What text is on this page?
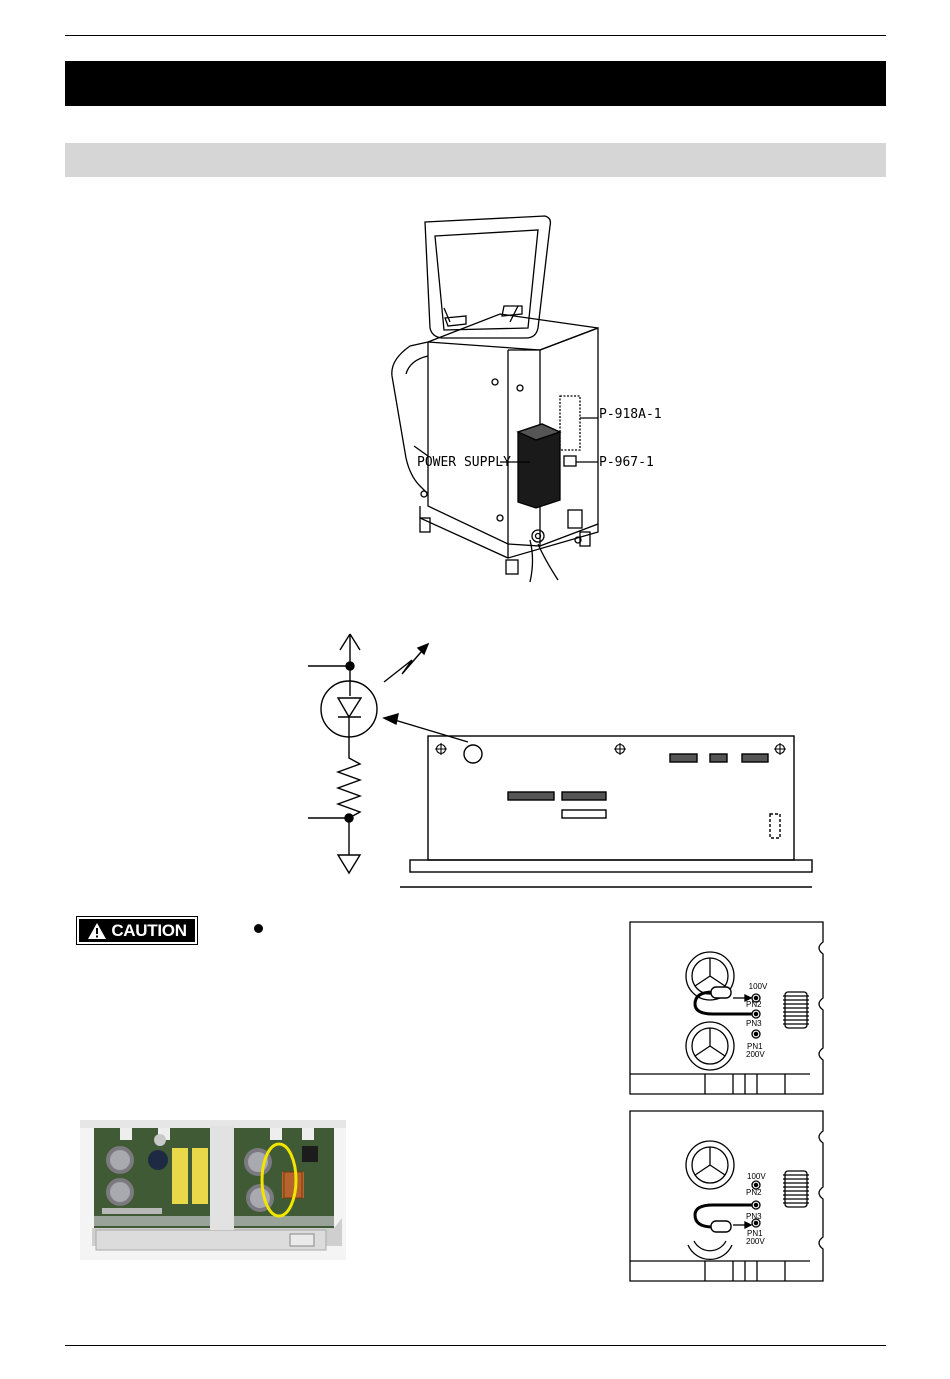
P-918A-1
P-967-1
POWER SUPPLY
CAUTION
100V
PN2
PN3
PN1
200V
100V
PN2
PN3
PN1
200V
